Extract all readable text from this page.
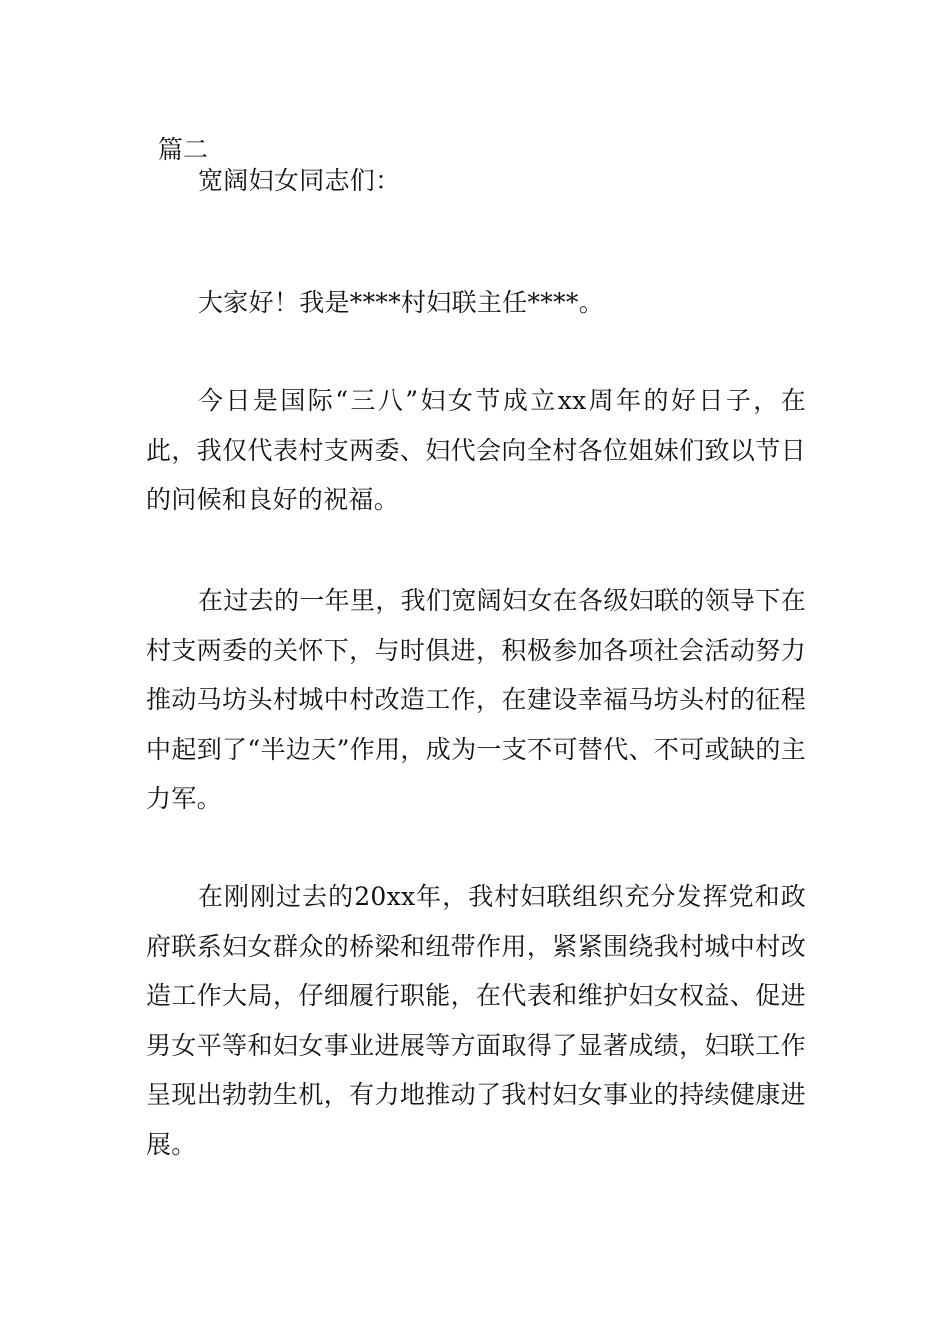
篇二

宽阔妇女同志们：

大家好！我是****村妇联主任****。

今日是国际“三八”妇女节成立xx周年的好日子，在此，我仅代表村支两委、妇代会向全村各位姐妹们致以节日的问候和良好的祝福。

在过去的一年里，我们宽阔妇女在各级妇联的领导下在村支两委的关怀下，与时俱进，积极参加各项社会活动努力推动马坊头村城中村改造工作，在建设幸福马坊头村的征程中起到了“半边天”作用，成为一支不可替代、不可或缺的主力军。

在刚刚过去的20xx年，我村妇联组织充分发挥党和政府联系妇女群众的桥梁和纽带作用，紧紧围绕我村城中村改造工作大局，仔细履行职能，在代表和维护妇女权益、促进男女平等和妇女事业进展等方面取得了显著成绩，妇联工作呈现出勃勃生机，有力地推动了我村妇女事业的持续健康进展。
